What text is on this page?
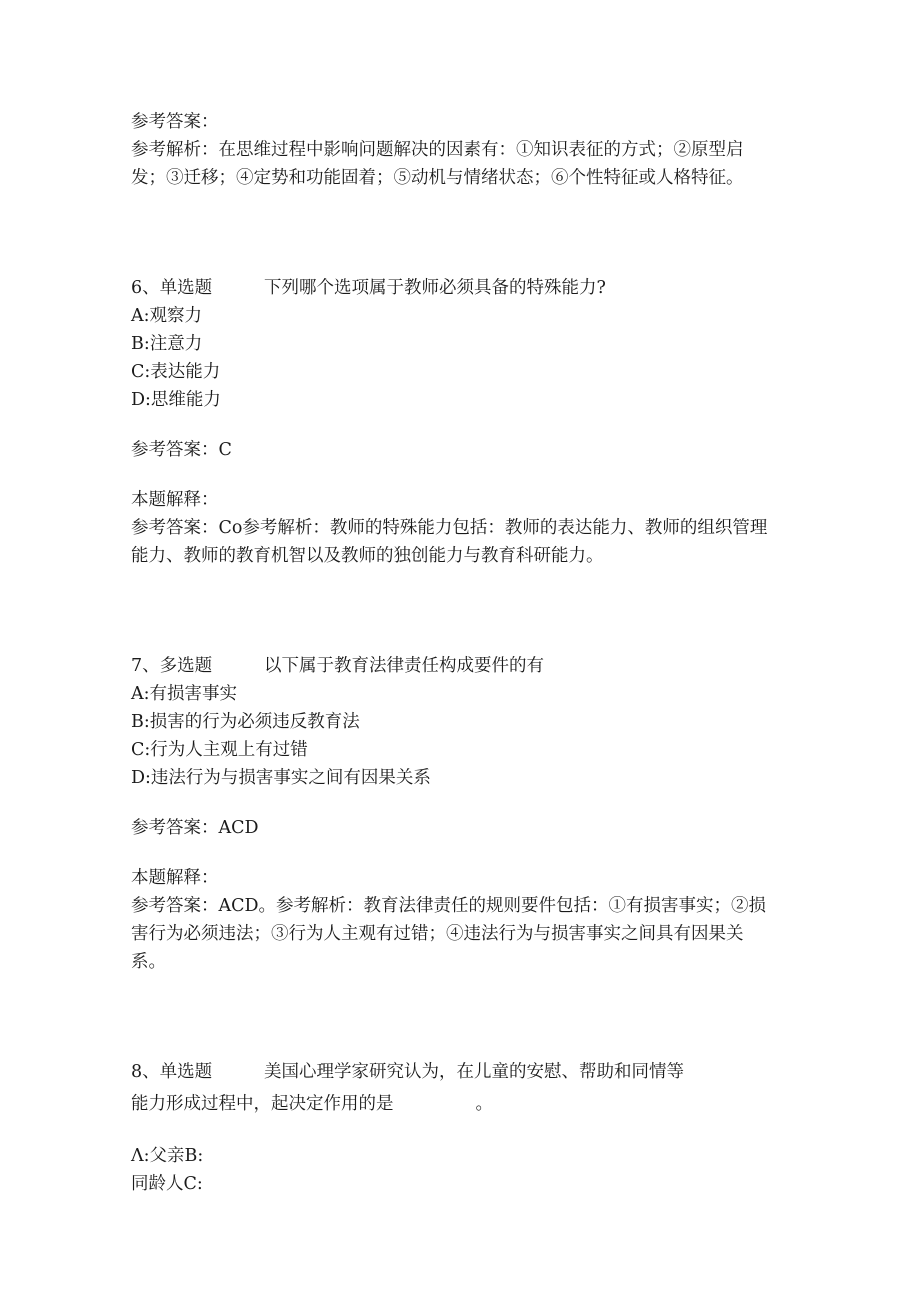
参考答案：
参考解析：在思维过程中影响问题解决的因素有：①知识表征的方式；②原型启发；③迁移；④定势和功能固着；⑤动机与情绪状态；⑥个性特征或人格特征。
6、单选题	下列哪个选项属于教师必须具备的特殊能力?
A:观察力
B:注意力
C:表达能力
D:思维能力
参考答案：C
本题解释：
参考答案：Co参考解析：教师的特殊能力包括：教师的表达能力、教师的组织管理能力、教师的教育机智以及教师的独创能力与教育科研能力。
7、多选题	以下属于教育法律责任构成要件的有
A:有损害事实
B:损害的行为必须违反教育法
C:行为人主观上有过错
D:违法行为与损害事实之间有因果关系
参考答案：ACD
本题解释：
参考答案：ACD。参考解析：教育法律责任的规则要件包括：①有损害事实；②损害行为必须违法；③行为人主观有过错；④违法行为与损害事实之间具有因果关系。
8、单选题	美国心理学家研究认为，在儿童的安慰、帮助和同情等
能力形成过程中，起决定作用的是	。
Λ:父亲B:
同龄人C:
